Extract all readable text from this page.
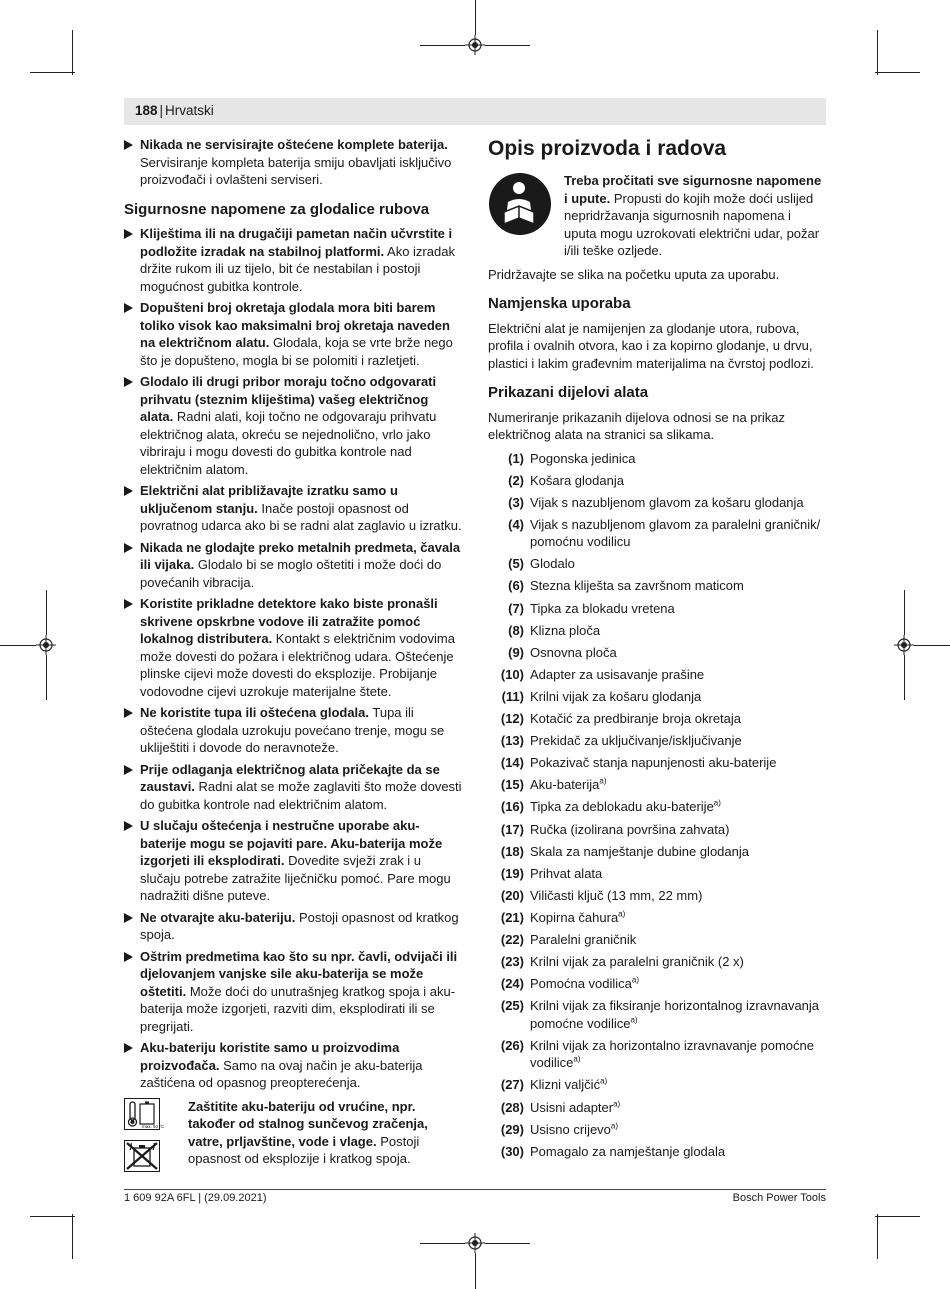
188 | Hrvatski
Nikada ne servisirajte oštećene komplete baterija. Servisiranje kompleta baterija smiju obavljati isključivo proizvođači i ovlašteni serviseri.
Sigurnosne napomene za glodalice rubova
Kliještima ili na drugačiji pametan način učvrstite i podložite izradak na stabilnoj platformi. Ako izradak držite rukom ili uz tijelo, bit će nestabilan i postoji mogućnost gubitka kontrole.
Dopušteni broj okretaja glodala mora biti barem toliko visok kao maksimalni broj okretaja naveden na električnom alatu. Glodala, koja se vrte brže nego što je dopušteno, mogla bi se polomiti i razletjeti.
Glodalo ili drugi pribor moraju točno odgovarati prihvatu (steznim kliještima) vašeg električnog alata. Radni alati, koji točno ne odgovaraju prihvatu električnog alata, okreću se nejednolično, vrlo jako vibriraju i mogu dovesti do gubitka kontrole nad električnim alatom.
Električni alat približavajte izratku samo u uključenom stanju. Inače postoji opasnost od povratnog udarca ako bi se radni alat zaglavio u izratku.
Nikada ne glodajte preko metalnih predmeta, čavala ili vijaka. Glodalo bi se moglo oštetiti i može doći do povećanih vibracija.
Koristite prikladne detektore kako biste pronašli skrivene opskrbne vodove ili zatražite pomoć lokalnog distributera. Kontakt s električnim vodovima može dovesti do požara i električnog udara. Oštećenje plinske cijevi može dovesti do eksplozije. Probijanje vodovodne cijevi uzrokuje materijalne štete.
Ne koristite tupa ili oštećena glodala. Tupa ili oštećena glodala uzrokuju povećano trenje, mogu se ukliještiti i dovode do neravnoteže.
Prije odlaganja električnog alata pričekajte da se zaustavi. Radni alat se može zaglaviti što može dovesti do gubitka kontrole nad električnim alatom.
U slučaju oštećenja i nestručne uporabe aku-baterije mogu se pojaviti pare. Aku-baterija može izgorjeti ili eksplodirati. Dovedite svježi zrak i u slučaju potrebe zatražite liječničku pomoć. Pare mogu nadražiti dišne puteve.
Ne otvarajte aku-bateriju. Postoji opasnost od kratkog spoja.
Oštrim predmetima kao što su npr. čavli, odvijači ili djelovanjem vanjske sile aku-baterija se može oštetiti. Može doći do unutrašnjeg kratkog spoja i aku-baterija može izgorjeti, razviti dim, eksplodirati ili se pregrijati.
Aku-bateriju koristite samo u proizvodima proizvođača. Samo na ovaj način je aku-baterija zaštićena od opasnog preopterećenja.
max. 50 °C

Zaštitite aku-bateriju od vrućine, npr. također od stalnog sunčevog zračenja, vatre, prljavštine, vode i vlage. Postoji opasnost od eksplozije i kratkog spoja.
Opis proizvoda i radova
Treba pročitati sve sigurnosne napomene i upute. Propusti do kojih može doći uslijed nepridržavanja sigurnosnih napomena i uputa mogu uzrokovati električni udar, požar i/ili teške ozljede.
Pridržavajte se slika na početku uputa za uporabu.
Namjenska uporaba
Električni alat je namijenjen za glodanje utora, rubova, profila i ovalnih otvora, kao i za kopirno glodanje, u drvu, plastici i lakim građevnim materijalima na čvrstoj podlozi.
Prikazani dijelovi alata
Numeriranje prikazanih dijelova odnosi se na prikaz električnog alata na stranici sa slikama.
(1) Pogonska jedinica
(2) Košara glodanja
(3) Vijak s nazubljenom glavom za košaru glodanja
(4) Vijak s nazubljenom glavom za paralelni graničnik/ pomoćnu vodilicu
(5) Glodalo
(6) Stezna kliješta sa završnom maticom
(7) Tipka za blokadu vretena
(8) Klizna ploča
(9) Osnovna ploča
(10) Adapter za usisavanje prašine
(11) Krilni vijak za košaru glodanja
(12) Kotačić za predbiranje broja okretaja
(13) Prekidač za uključivanje/isključivanje
(14) Pokazivač stanja napunjenosti aku-baterije
(15) Aku-baterija$^{a)}$
(16) Tipka za deblokadu aku-baterije$^{a)}$
(17) Ručka (izolirana površina zahvata)
(18) Skala za namještanje dubine glodanja
(19) Prihvat alata
(20) Viličasti ključ (13 mm, 22 mm)
(21) Kopirna čahura$^{a)}$
(22) Paralelni graničnik
(23) Krilni vijak za paralelni graničnik (2 x)
(24) Pomoćna vodilica$^{a)}$
(25) Krilni vijak za fiksiranje horizontalnog izravnavanja pomoćne vodilice$^{a)}$
(26) Krilni vijak za horizontalno izravnavanje pomoćne vodilice$^{a)}$
(27) Klizni valjčić$^{a)}$
(28) Usisni adapter$^{a)}$
(29) Usisno crijevo$^{a)}$
(30) Pomagalo za namještanje glodala
1 609 92A 6FL | (29.09.2021)	Bosch Power Tools
